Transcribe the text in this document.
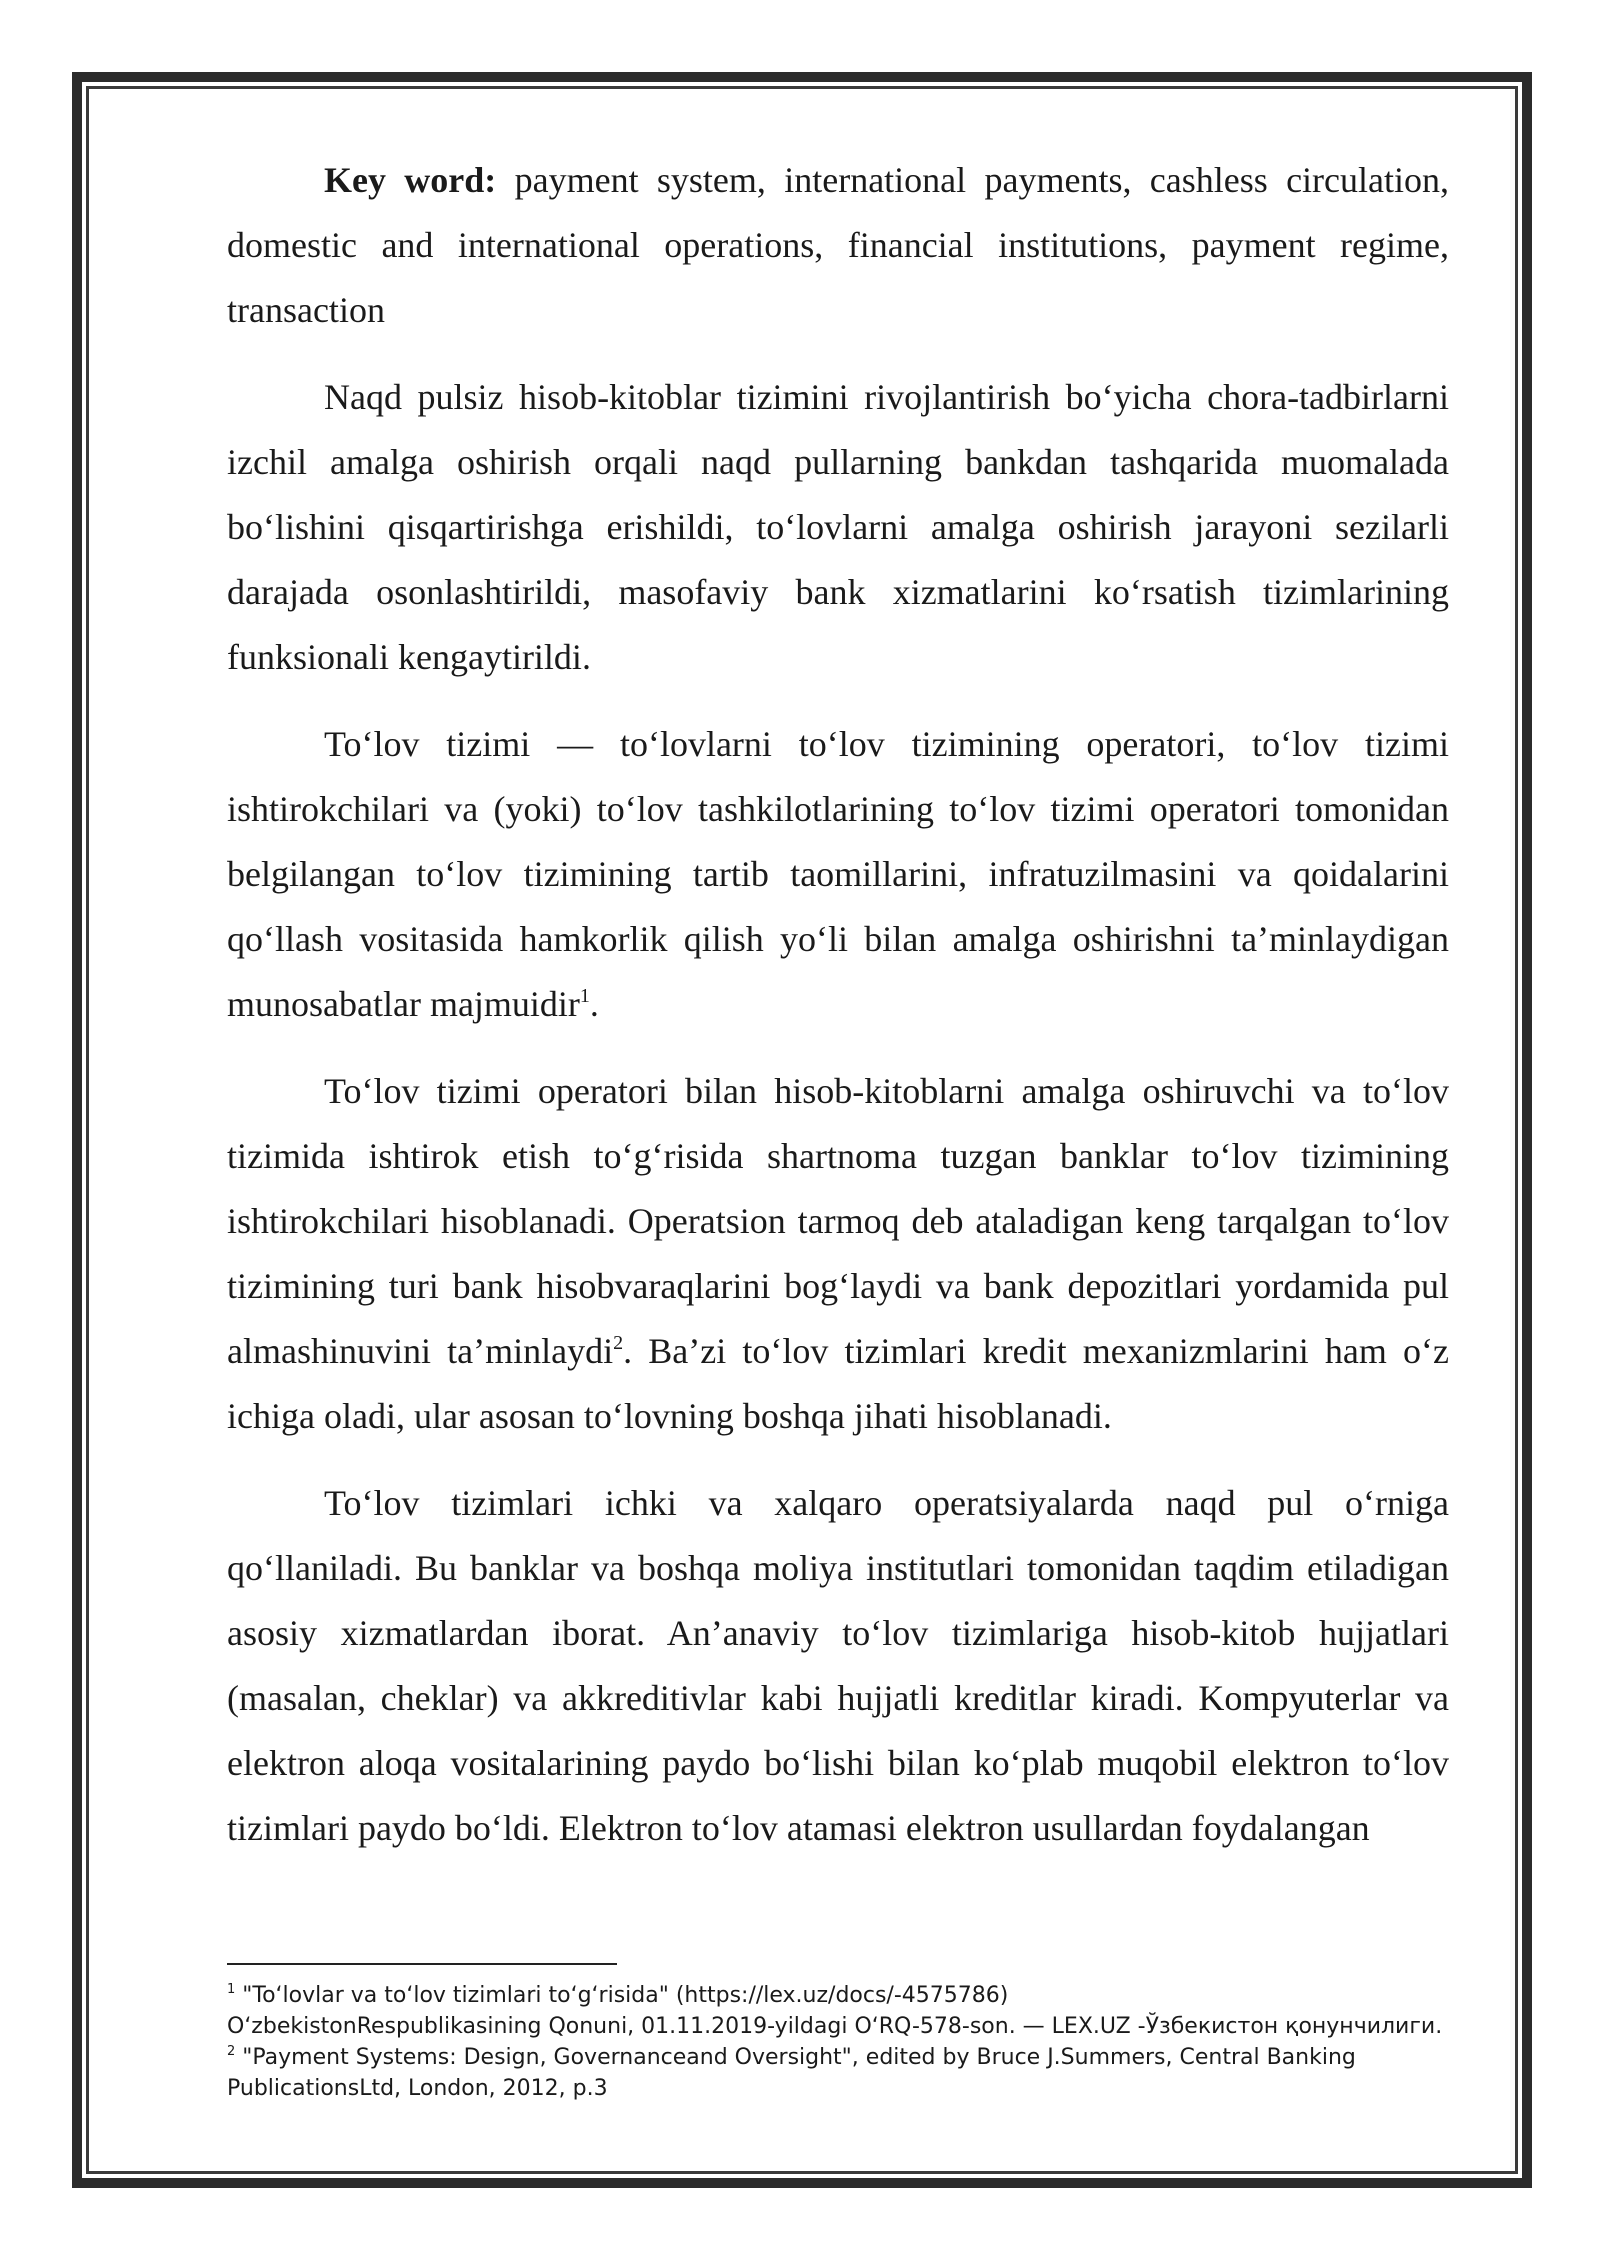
Key word: payment system, international payments, cashless circulation, domestic and international operations, financial institutions, payment regime, transaction

Naqd pulsiz hisob-kitoblar tizimini rivojlantirish bo‘yicha chora-tadbirlarni izchil amalga oshirish orqali naqd pullarning bankdan tashqarida muomalada bo‘lishini qisqartirishga erishildi, to‘lovlarni amalga oshirish jarayoni sezilarli darajada osonlashtirildi, masofaviy bank xizmatlarini ko‘rsatish tizimlarining funksionali kengaytirildi.

To‘lov tizimi — to‘lovlarni to‘lov tizimining operatori, to‘lov tizimi ishtirokchilari va (yoki) to‘lov tashkilotlarining to‘lov tizimi operatori tomonidan belgilangan to‘lov tizimining tartib taomillarini, infratuzilmasini va qoidalarini qo‘llash vositasida hamkorlik qilish yo‘li bilan amalga oshirishni ta’minlaydigan munosabatlar majmuidir$^1$.

To‘lov tizimi operatori bilan hisob-kitoblarni amalga oshiruvchi va to‘lov tizimida ishtirok etish to‘g‘risida shartnoma tuzgan banklar to‘lov tizimining ishtirokchilari hisoblanadi. Operatsion tarmoq deb ataladigan keng tarqalgan to‘lov tizimining turi bank hisobvaraqlarini bog‘laydi va bank depozitlari yordamida pul almashinuvini ta’minlaydi$^2$. Ba’zi to‘lov tizimlari kredit mexanizmlarini ham o‘z ichiga oladi, ular asosan to‘lovning boshqa jihati hisoblanadi.

To‘lov tizimlari ichki va xalqaro operatsiyalarda naqd pul o‘rniga qo‘llaniladi. Bu banklar va boshqa moliya institutlari tomonidan taqdim etiladigan asosiy xizmatlardan iborat. An’anaviy to‘lov tizimlariga hisob-kitob hujjatlari (masalan, cheklar) va akkreditivlar kabi hujjatli kreditlar kiradi. Kompyuterlar va elektron aloqa vositalarining paydo bo‘lishi bilan ko‘plab muqobil elektron to‘lov tizimlari paydo bo‘ldi. Elektron to‘lov atamasi elektron usullardan foydalangan

$^1$ "To‘lovlar va to‘lov tizimlari to‘g‘risida" (https://lex.uz/docs/-4575786)

O‘zbekistonRespublikasining Qonuni, 01.11.2019-yildagi O‘RQ-578-son. — LEX.UZ -Ўзбекистон қонунчилиги.

$^2$ "Payment Systems: Design, Governanceand Oversight", edited by Bruce J.Summers, Central Banking

PublicationsLtd, London, 2012, p.3
